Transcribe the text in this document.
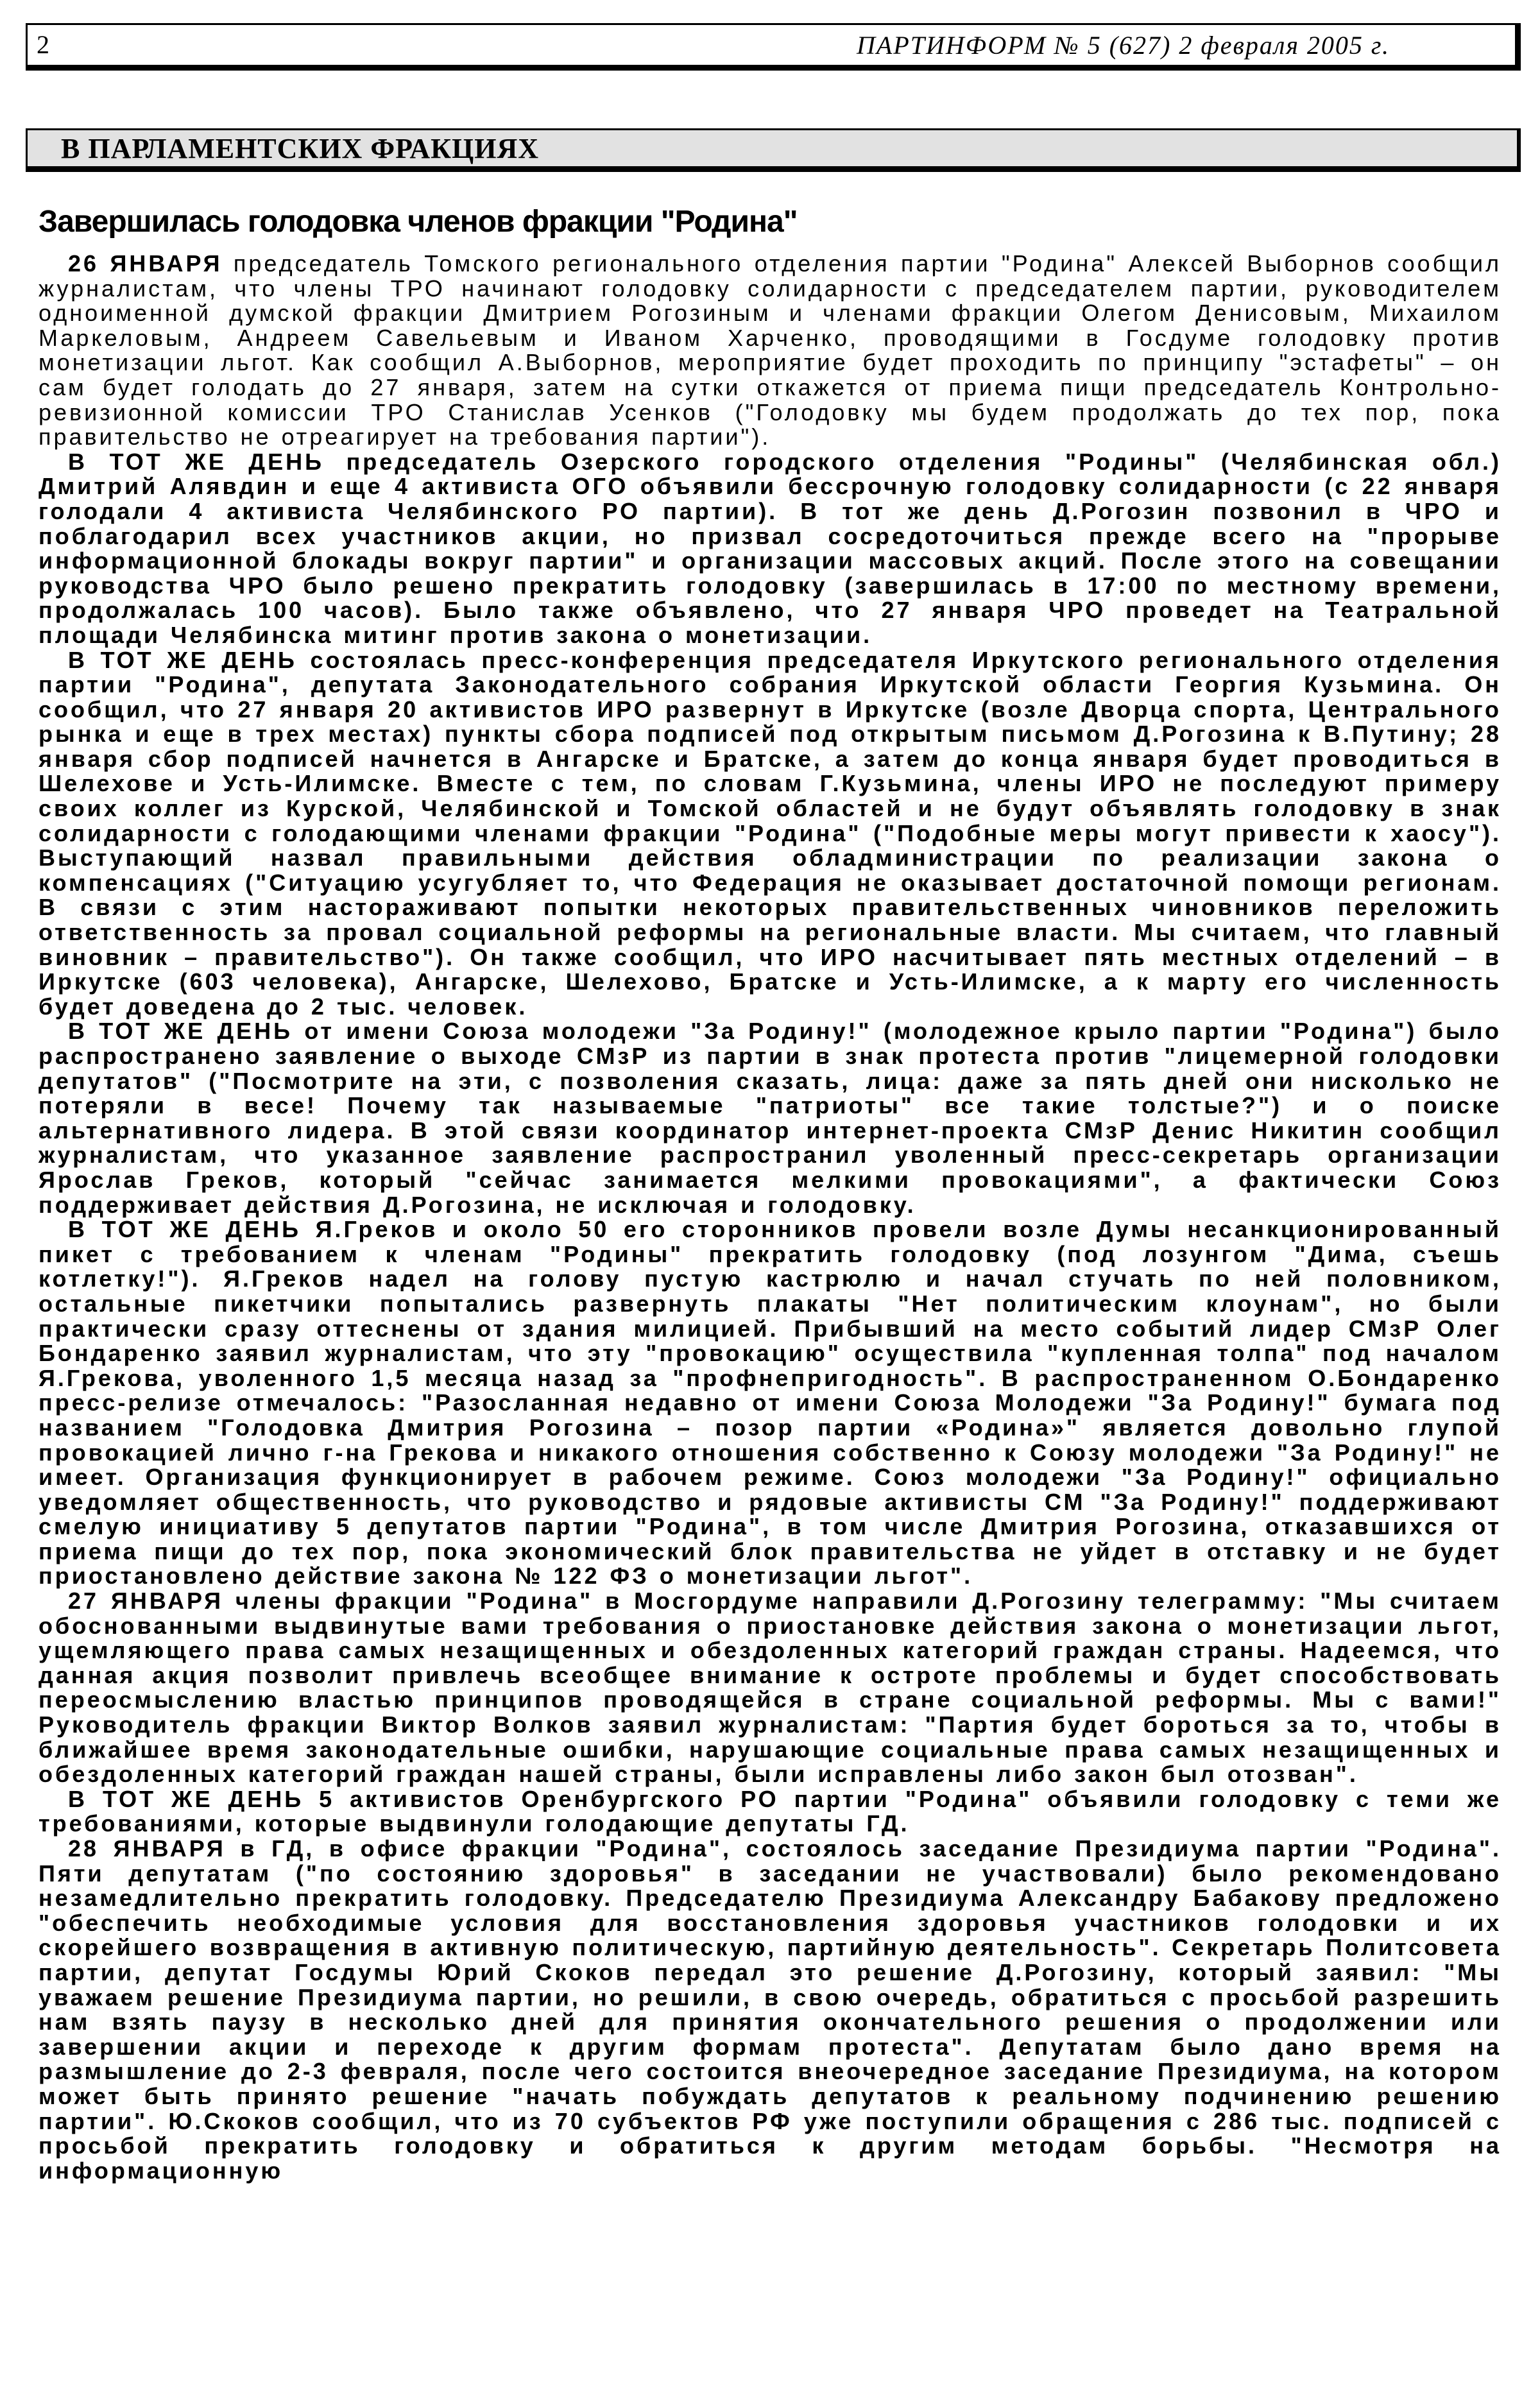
2	ПАРТИНФОРМ № 5 (627) 2 февраля 2005 г.
В ПАРЛАМЕНТСКИХ ФРАКЦИЯХ
Завершилась голодовка членов фракции "Родина"

26 ЯНВАРЯ председатель Томского регионального отделения партии "Родина" Алексей Выборнов сообщил журналистам, что члены ТРО начинают голодовку солидарности с председателем партии, руководителем одноименной думской фракции Дмитрием Рогозиным и членами фракции Олегом Денисовым, Михаилом Маркеловым, Андреем Савельевым и Иваном Харченко, проводящими в Госдуме голодовку против монетизации льгот. Как сообщил А.Выборнов, мероприятие будет проходить по принципу "эстафеты" – он сам будет голодать до 27 января, затем на сутки откажется от приема пищи председатель Контрольно-ревизионной комиссии ТРО Станислав Усенков ("Голодовку мы будем продолжать до тех пор, пока правительство не отреагирует на требования партии").

В ТОТ ЖЕ ДЕНЬ председатель Озерского городского отделения "Родины" (Челябинская обл.) Дмитрий Алявдин и еще 4 активиста ОГО объявили бессрочную голодовку солидарности (с 22 января голодали 4 активиста Челябинского РО партии). В тот же день Д.Рогозин позвонил в ЧРО и поблагодарил всех участников акции, но призвал сосредоточиться прежде всего на "прорыве информационной блокады вокруг партии" и организации массовых акций. После этого на совещании руководства ЧРО было решено прекратить голодовку (завершилась в 17:00 по местному времени, продолжалась 100 часов). Было также объявлено, что 27 января ЧРО проведет на Театральной площади Челябинска митинг против закона о монетизации.

В ТОТ ЖЕ ДЕНЬ состоялась пресс-конференция председателя Иркутского регионального отделения партии "Родина", депутата Законодательного собрания Иркутской области Георгия Кузьмина. Он сообщил, что 27 января 20 активистов ИРО развернут в Иркутске (возле Дворца спорта, Центрального рынка и еще в трех местах) пункты сбора подписей под открытым письмом Д.Рогозина к В.Путину; 28 января сбор подписей начнется в Ангарске и Братске, а затем до конца января будет проводиться в Шелехове и Усть-Илимске. Вместе с тем, по словам Г.Кузьмина, члены ИРО не последуют примеру своих коллег из Курской, Челябинской и Томской областей и не будут объявлять голодовку в знак солидарности с голодающими членами фракции "Родина" ("Подобные меры могут привести к хаосу"). Выступающий назвал правильными действия обладминистрации по реализации закона о компенсациях ("Ситуацию усугубляет то, что Федерация не оказывает достаточной помощи регионам. В связи с этим настораживают попытки некоторых правительственных чиновников переложить ответственность за провал социальной реформы на региональные власти. Мы считаем, что главный виновник – правительство"). Он также сообщил, что ИРО насчитывает пять местных отделений – в Иркутске (603 человека), Ангарске, Шелехово, Братске и Усть-Илимске, а к марту его численность будет доведена до 2 тыс. человек.

В ТОТ ЖЕ ДЕНЬ от имени Союза молодежи "За Родину!" (молодежное крыло партии "Родина") было распространено заявление о выходе СМзР из партии в знак протеста против "лицемерной голодовки депутатов" ("Посмотрите на эти, с позволения сказать, лица: даже за пять дней они нисколько не потеряли в весе! Почему так называемые "патриоты" все такие толстые?") и о поиске альтернативного лидера. В этой связи координатор интернет-проекта СМзР Денис Никитин сообщил журналистам, что указанное заявление распространил уволенный пресс-секретарь организации Ярослав Греков, который "сейчас занимается мелкими провокациями", а фактически Союз поддерживает действия Д.Рогозина, не исключая и голодовку.

В ТОТ ЖЕ ДЕНЬ Я.Греков и около 50 его сторонников провели возле Думы несанкционированный пикет с требованием к членам "Родины" прекратить голодовку (под лозунгом "Дима, съешь котлетку!"). Я.Греков надел на голову пустую кастрюлю и начал стучать по ней половником, остальные пикетчики попытались развернуть плакаты "Нет политическим клоунам", но были практически сразу оттеснены от здания милицией. Прибывший на место событий лидер СМзР Олег Бондаренко заявил журналистам, что эту "провокацию" осуществила "купленная толпа" под началом Я.Грекова, уволенного 1,5 месяца назад за "профнепригодность". В распространенном О.Бондаренко пресс-релизе отмечалось: "Разосланная недавно от имени Союза Молодежи "За Родину!" бумага под названием "Голодовка Дмитрия Рогозина – позор партии «Родина»" является довольно глупой провокацией лично г-на Грекова и никакого отношения собственно к Союзу молодежи "За Родину!" не имеет. Организация функционирует в рабочем режиме. Союз молодежи "За Родину!" официально уведомляет общественность, что руководство и рядовые активисты СМ "За Родину!" поддерживают смелую инициативу 5 депутатов партии "Родина", в том числе Дмитрия Рогозина, отказавшихся от приема пищи до тех пор, пока экономический блок правительства не уйдет в отставку и не будет приостановлено действие закона № 122 ФЗ о монетизации льгот".

27 ЯНВАРЯ члены фракции "Родина" в Мосгордуме направили Д.Рогозину телеграмму: "Мы считаем обоснованными выдвинутые вами требования о приостановке действия закона о монетизации льгот, ущемляющего права самых незащищенных и обездоленных категорий граждан страны. Надеемся, что данная акция позволит привлечь всеобщее внимание к остроте проблемы и будет способствовать переосмыслению властью принципов проводящейся в стране социальной реформы. Мы с вами!" Руководитель фракции Виктор Волков заявил журналистам: "Партия будет бороться за то, чтобы в ближайшее время законодательные ошибки, нарушающие социальные права самых незащищенных и обездоленных категорий граждан нашей страны, были исправлены либо закон был отозван".

В ТОТ ЖЕ ДЕНЬ 5 активистов Оренбургского РО партии "Родина" объявили голодовку с теми же требованиями, которые выдвинули голодающие депутаты ГД.

28 ЯНВАРЯ в ГД, в офисе фракции "Родина", состоялось заседание Президиума партии "Родина". Пяти депутатам ("по состоянию здоровья" в заседании не участвовали) было рекомендовано незамедлительно прекратить голодовку. Председателю Президиума Александру Бабакову предложено "обеспечить необходимые условия для восстановления здоровья участников голодовки и их скорейшего возвращения в активную политическую, партийную деятельность". Секретарь Политсовета партии, депутат Госдумы Юрий Скоков передал это решение Д.Рогозину, который заявил: "Мы уважаем решение Президиума партии, но решили, в свою очередь, обратиться с просьбой разрешить нам взять паузу в несколько дней для принятия окончательного решения о продолжении или завершении акции и переходе к другим формам протеста". Депутатам было дано время на размышление до 2-3 февраля, после чего состоится внеочередное заседание Президиума, на котором может быть принято решение "начать побуждать депутатов к реальному подчинению решению партии". Ю.Скоков сообщил, что из 70 субъектов РФ уже поступили обращения с 286 тыс. подписей с просьбой прекратить голодовку и обратиться к другим методам борьбы. "Несмотря на информационную
